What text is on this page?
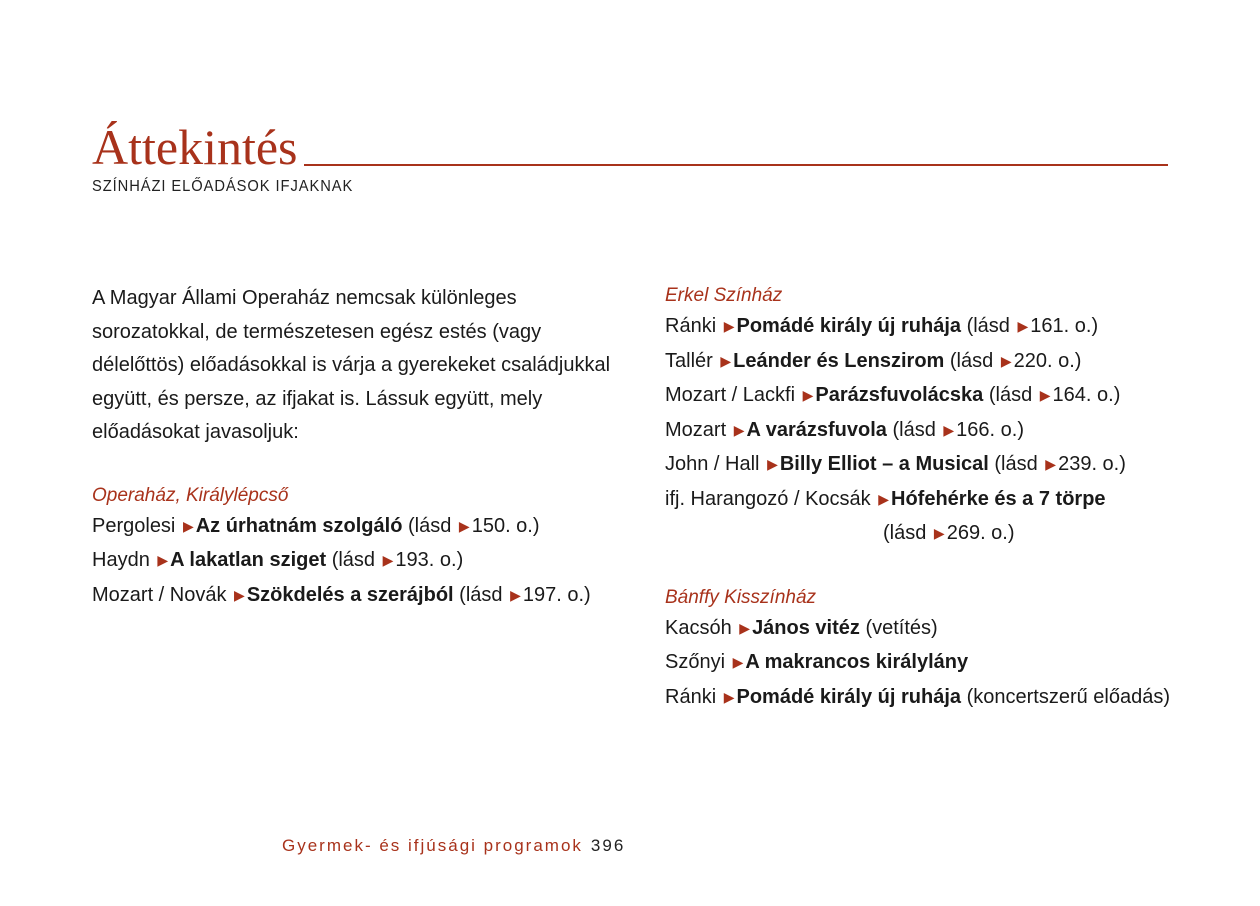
Áttekintés
SZÍNHÁZI ELŐADÁSOK IFJAKNAK

A Magyar Állami Operaház nemcsak különleges sorozatokkal, de természetesen egész estés (vagy délelőttös) előadásokkal is várja a gyerekeket családjukkal együtt, és persze, az ifjakat is. Lássuk együtt, mely előadásokat javasoljuk:

Operaház, Királylépcső
Pergolesi ▶ Az úrhatnám szolgáló (lásd ▶ 150. o.)
Haydn ▶ A lakatlan sziget (lásd ▶ 193. o.)
Mozart / Novák ▶ Szökdelés a szerájból (lásd ▶ 197. o.)
Erkel Színház
Ránki ▶ Pomádé király új ruhája (lásd ▶ 161. o.)
Tallér ▶ Leánder és Lenszirom (lásd ▶ 220. o.)
Mozart / Lackfi ▶ Parázsfuvolácska (lásd ▶ 164. o.)
Mozart ▶ A varázsfuvola (lásd ▶ 166. o.)
John / Hall ▶ Billy Elliot – a Musical (lásd ▶ 239. o.)
ifj. Harangozó / Kocsák ▶ Hófehérke és a 7 törpe
(lásd ▶ 269. o.)
Bánffy Kisszínház
Kacsóh ▶ János vitéz (vetítés)
Szőnyi ▶ A makrancos királylány
Ránki ▶ Pomádé király új ruhája (koncertszerű előadás)
Gyermek- és ifjúsági programok 396
